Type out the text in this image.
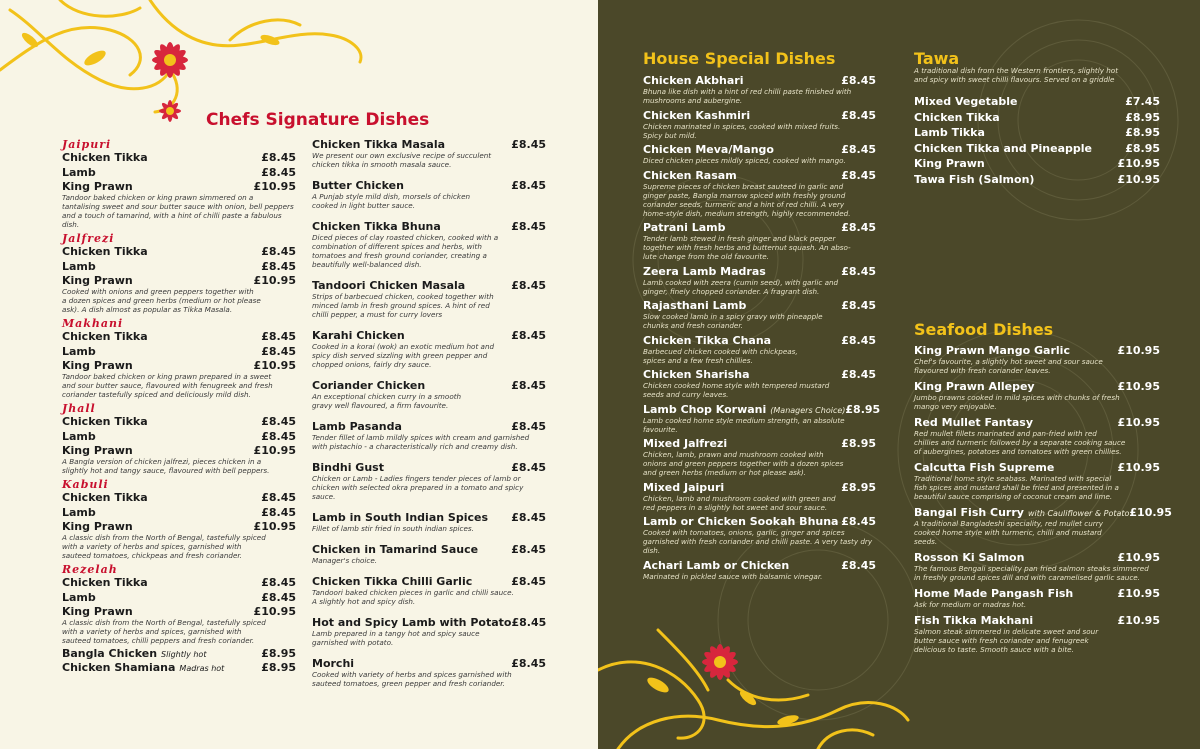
Chefs Signature Dishes
Jaipuri
Chicken Tikka	£8.45
Lamb	£8.45
King Prawn	£10.95
Tandoor baked chicken or king prawn simmered on a
tantalising sweet and sour butter sauce with onion, bell peppers
and a touch of tamarind, with a hint of chilli paste a fabulous dish.
Jalfrezi
Chicken Tikka	£8.45
Lamb	£8.45
King Prawn	£10.95
Cooked with onions and green peppers together with
a dozen spices and green herbs (medium or hot please
ask). A dish almost as popular as Tikka Masala.
Makhani
Chicken Tikka	£8.45
Lamb	£8.45
King Prawn	£10.95
Tandoor baked chicken or king prawn prepared in a sweet
and sour butter sauce, flavoured with fenugreek and fresh
coriander tastefully spiced and deliciously mild dish.
Jhall
Chicken Tikka	£8.45
Lamb	£8.45
King Prawn	£10.95
A Bangla version of chicken jalfrezi, pieces chicken in a
slightly hot and tangy sauce, flavoured with bell peppers.
Kabuli
Chicken Tikka	£8.45
Lamb	£8.45
King Prawn	£10.95
A classic dish from the North of Bengal, tastefully spiced
with a variety of herbs and spices, garnished with
sauteed tomatoes, chickpeas and fresh coriander.
Rezelah
Chicken Tikka	£8.45
Lamb	£8.45
King Prawn	£10.95
A classic dish from the North of Bengal, tastefully spiced
with a variety of herbs and spices, garnished with
sauteed tomatoes, chilli peppers and fresh coriander.
Bangla Chicken Slightly hot	£8.95
Chicken Shamiana Madras hot	£8.95
Chicken Tikka Masala	£8.45
We present our own exclusive recipe of succulent
chicken tikka in smooth masala sauce.
Butter Chicken	£8.45
A Punjab style mild dish, morsels of chicken
cooked in light butter sauce.
Chicken Tikka Bhuna	£8.45
Diced pieces of clay roasted chicken, cooked with a
combination of different spices and herbs, with
tomatoes and fresh ground coriander, creating a
beautifully well-balanced dish.
Tandoori Chicken Masala	£8.45
Strips of barbecued chicken, cooked together with
minced lamb in fresh ground spices. A hint of red
chilli pepper, a must for curry lovers
Karahi Chicken	£8.45
Cooked in a korai (wok) an exotic medium hot and
spicy dish served sizzling with green pepper and
chopped onions, fairly dry sauce.
Coriander Chicken	£8.45
An exceptional chicken curry in a smooth
gravy well flavoured, a firm favourite.
Lamb Pasanda	£8.45
Tender fillet of lamb mildly spices with cream and garnished
with pistachio - a characteristically rich and creamy dish.
Bindhi Gust	£8.45
Chicken or Lamb - Ladies fingers tender pieces of lamb or
chicken with selected okra prepared in a tomato and spicy sauce.
Lamb in South Indian Spices £8.45
Fillet of lamb stir fried in south indian spices.
Chicken in Tamarind Sauce	£8.45
Manager's choice.
Chicken Tikka Chilli Garlic	£8.45
Tandoori baked chicken pieces in garlic and chilli sauce.
A slightly hot and spicy dish.
Hot and Spicy Lamb with Potato £8.45
Lamb prepared in a tangy hot and spicy sauce
garnished with potato.
Morchi	£8.45
Cooked with variety of herbs and spices garnished with
sauteed tomatoes, green pepper and fresh coriander.
House Special Dishes
Chicken Akbhari	£8.45
Bhuna like dish with a hint of red chilli paste finished with
mushrooms and aubergine.
Chicken Kashmiri	£8.45
Chicken marinated in spices, cooked with mixed fruits.
Spicy but mild.
Chicken Meva/Mango	£8.45
Diced chicken pieces mildly spiced, cooked with mango.
Chicken Rasam	£8.45
Supreme pieces of chicken breast sauteed in garlic and
ginger paste, Bangla marrow spiced with freshly ground
coriander seeds, turmeric and a hint of red chilli. A very
home-style dish, medium strength, highly recommended.
Patrani Lamb	£8.45
Tender lamb stewed in fresh ginger and black pepper
together with fresh herbs and butternut squash. An abso-
lute change from the old favourite.
Zeera Lamb Madras	£8.45
Lamb cooked with zeera (cumin seed), with garlic and
ginger, finely chopped coriander. A fragrant dish.
Rajasthani Lamb	£8.45
Slow cooked lamb in a spicy gravy with pineapple
chunks and fresh coriander.
Chicken Tikka Chana	£8.45
Barbecued chicken cooked with chickpeas,
spices and a few fresh chillies.
Chicken Sharisha	£8.45
Chicken cooked home style with tempered mustard
seeds and curry leaves.
Lamb Chop Korwani (Managers Choice) £8.95
Lamb cooked home style medium strength, an absolute favourite.
Mixed Jalfrezi	£8.95
Chicken, lamb, prawn and mushroom cooked with
onions and green peppers together with a dozen spices
and green herbs (medium or hot please ask).
Mixed Jaipuri	£8.95
Chicken, lamb and mushroom cooked with green and
red peppers in a slightly hot sweet and sour sauce.
Lamb or Chicken Sookah Bhuna £8.45
Cooked with tomatoes, onions, garlic, ginger and spices
garnished with fresh coriander and chilli paste. A very tasty dry dish.
Achari Lamb or Chicken	£8.45
Marinated in pickled sauce with balsamic vinegar.
Tawa
A traditional dish from the Western frontiers, slightly hot
and spicy with sweet chilli flavours. Served on a griddle
Mixed Vegetable	£7.45
Chicken Tikka	£8.95
Lamb Tikka	£8.95
Chicken Tikka and Pineapple	£8.95
King Prawn	£10.95
Tawa Fish (Salmon)	£10.95
Seafood Dishes
King Prawn Mango Garlic	£10.95
Chef's favourite, a slightly hot sweet and sour sauce
flavoured with fresh coriander leaves.
King Prawn Allepey	£10.95
Jumbo prawns cooked in mild spices with chunks of fresh
mango very enjoyable.
Red Mullet Fantasy	£10.95
Red mullet fillets marinated and pan-fried with red
chillies and turmeric followed by a separate cooking sauce
of aubergines, potatoes and tomatoes with green chillies.
Calcutta Fish Supreme	£10.95
Traditional home style seabass. Marinated with special
fish spices and mustard shall be fried and presented in a
beautiful sauce comprising of coconut cream and lime.
Bangal Fish Curry with Cauliflower & Potato £10.95
A traditional Bangladeshi speciality, red mullet curry
cooked home style with turmeric, chilli and mustard
seeds.
Rosson Ki Salmon	£10.95
The famous Bengali speciality pan fried salmon steaks simmered
in freshly ground spices dill and with caramelised garlic sauce.
Home Made Pangash Fish	£10.95
Ask for medium or madras hot.
Fish Tikka Makhani	£10.95
Salmon steak simmered in delicate sweet and sour
butter sauce with fresh coriander and fenugreek
delicious to taste. Smooth sauce with a bite.
